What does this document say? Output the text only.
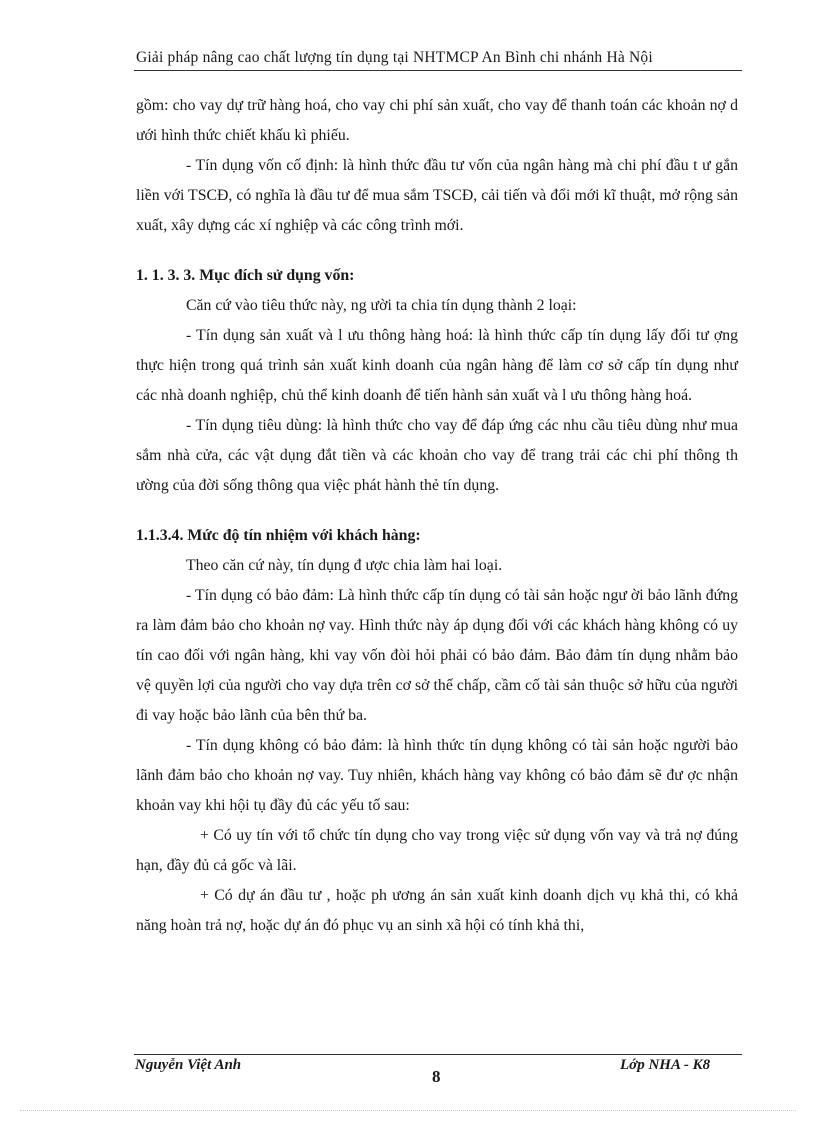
Giải pháp nâng cao chất lượng tín dụng tại NHTMCP An Bình chi nhánh Hà Nội

gồm: cho vay dự trữ hàng hoá, cho vay chi phí sản xuất, cho vay để thanh toán các khoản nợ d ưới hình thức chiết khấu kì phiếu.

- Tín dụng vốn cố định: là hình thức đầu tư vốn của ngân hàng mà chi phí đầu t ư gắn liền với TSCĐ, có nghĩa là đầu tư để mua sắm TSCĐ, cải tiến và đổi mới kĩ thuật, mở rộng sản xuất, xây dựng các xí nghiệp và các công trình mới.

1. 1. 3. 3. Mục đích sử dụng vốn:

Căn cứ vào tiêu thức này, ng ười ta chia tín dụng thành 2 loại:

- Tín dụng sản xuất và l ưu thông hàng hoá: là hình thức cấp tín dụng lấy đối tư ợng thực hiện trong quá trình sản xuất kinh doanh của ngân hàng để làm cơ sở cấp tín dụng như các nhà doanh nghiệp, chủ thể kinh doanh để tiến hành sản xuất và l ưu thông hàng hoá.

- Tín dụng tiêu dùng: là hình thức cho vay để đáp ứng các nhu cầu tiêu dùng như mua sắm nhà cửa, các vật dụng đắt tiền và các khoản cho vay để trang trải các chi phí thông th ường của đời sống thông qua việc phát hành thẻ tín dụng.

1.1.3.4. Mức độ tín nhiệm với khách hàng:

Theo căn cứ này, tín dụng đ ược chia làm hai loại.

- Tín dụng có bảo đảm: Là hình thức cấp tín dụng có tài sản hoặc ngư ời bảo lãnh đứng ra làm đảm bảo cho khoản nợ vay. Hình thức này áp dụng đối với các khách hàng không có uy tín cao đối với ngân hàng, khi vay vốn đòi hỏi phải có bảo đảm. Bảo đảm tín dụng nhằm bảo vệ quyền lợi của người cho vay dựa trên cơ sở thế chấp, cầm cố tài sản thuộc sở hữu của người đi vay hoặc bảo lãnh của bên thứ ba.

- Tín dụng không có bảo đảm: là hình thức tín dụng không có tài sản hoặc người bảo lãnh đảm bảo cho khoản nợ vay. Tuy nhiên, khách hàng vay không có bảo đảm sẽ đư ợc nhận khoản vay khi hội tụ đầy đủ các yếu tố sau:

+ Có uy tín với tổ chức tín dụng cho vay trong việc sử dụng vốn vay và trả nợ đúng hạn, đầy đủ cả gốc và lãi.

+ Có dự án đầu tư , hoặc ph ương án sản xuất kinh doanh dịch vụ khả thi, có khả năng hoàn trả nợ, hoặc dự án đó phục vụ an sinh xã hội có tính khả thi,

Nguyễn Việt Anh
8
Lớp NHA - K8
